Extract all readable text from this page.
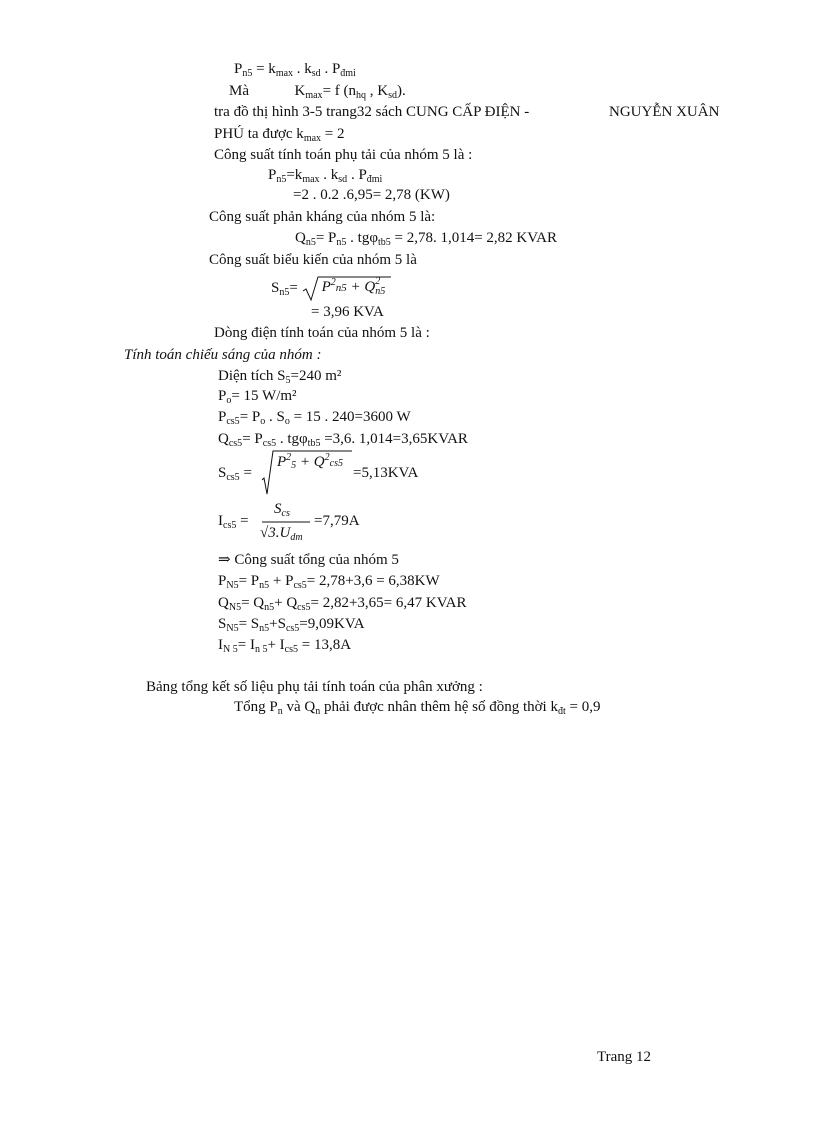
$P_{n5} = k_{max}$ . $k_{sd}$ . $P_{đmi}$
Mà	$K_{max}= f$ ($n_{hq}$ , $K_{sd}$).
tra đồ thị hình 3-5 trang32 sách CUNG CẤP ĐIỆN -	NGUYỄN XUÂN
PHÚ ta được $k_{max} = 2$
Công suất tính toán phụ tải của nhóm 5 là :
$P_{n5}=k_{max}$ . $k_{sd}$ . $P_{đmi}$
=2 . 0.2 .6,95= 2,78 (KW)
Công suất phản kháng của nhóm 5 là:
$Q_{n5}= P_{n5}$ . tgφ$_{tb5}$ = 2,78. 1,014= 2,82 KVAR
Công suất biểu kiến của nhóm 5 là
$S_{n5}= P^2n5 + Q$ 2
n5
= 3,96 KVA
Dòng điện tính toán của nhóm 5 là :
Tính toán chiếu sáng của nhóm :
Diện tích $S_5=240$ m²
$P_o= 15$ W/m²
$P_{cs5}= P_o$ . $S_o = 15$ . 240=3600 W
$Q_{cs5}= P_{cs5}$ . tgφ$_{tb5}$ =3,6. 1,014=3,65KVAR
$S_{cs5}$ =
$P^25 + Q^2cs5$
=5,13KVA
$I_{cs5}$ =
$S_{cs}$
$√3.U_{dm}$
=7,79A
⇒ Công suất tổng của nhóm 5
$P_{N5}= P_{n5} + P_{cs5}= 2,78+3,6 = 6,38KW$
$Q_{N5}= Q_{n5}+ Q_{cs5}= 2,82+3,65= 6,47$ KVAR
$S_{N5}= S_{n5}+S_{cs5}=9,09KVA$
$I_{N 5}= I_{n 5}+ I_{cs5} = 13,8A$
Bảng tổng kết số liệu phụ tải tính toán của phân xưởng :
Tổng $P_n$ và $Q_n$ phải được nhân thêm hệ số đồng thời $k_{đt} = 0,9$
Trang 12
